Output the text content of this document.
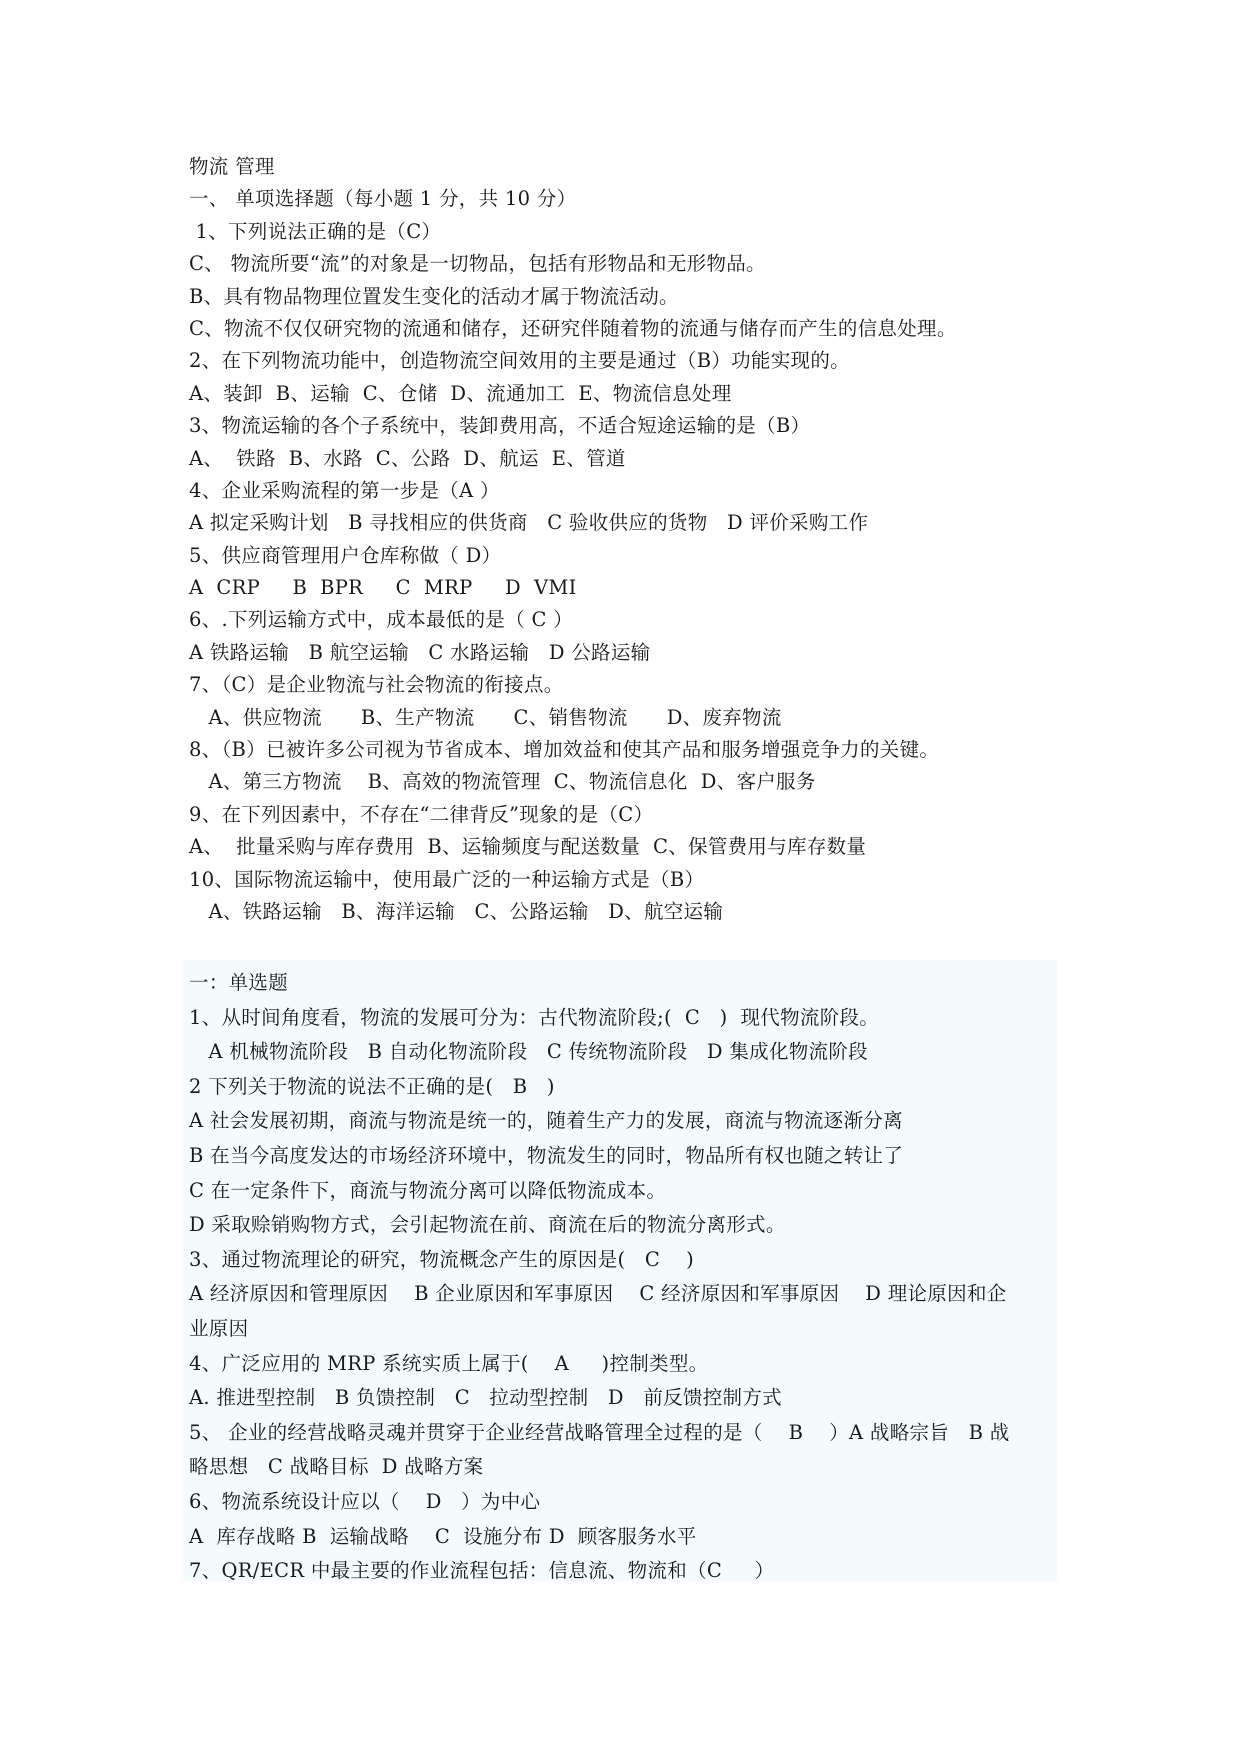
物流 管理
一、 单项选择题（每小题 1 分，共 10 分）
1、下列说法正确的是（C）
C、 物流所要“流”的对象是一切物品，包括有形物品和无形物品。
B、具有物品物理位置发生变化的活动才属于物流活动。
C、物流不仅仅研究物的流通和储存，还研究伴随着物的流通与储存而产生的信息处理。
2、在下列物流功能中，创造物流空间效用的主要是通过（B）功能实现的。
A、装卸  B、运输  C、仓储  D、流通加工  E、物流信息处理
3、物流运输的各个子系统中，装卸费用高，不适合短途运输的是（B）
A、  铁路  B、水路  C、公路  D、航运  E、管道
4、企业采购流程的第一步是（A ）
A 拟定采购计划   B 寻找相应的供货商   C 验收供应的货物   D 评价采购工作
5、供应商管理用户仓库称做（ D）
A  CRP     B  BPR     C  MRP     D  VMI
6、.下列运输方式中，成本最低的是（ C ）
A 铁路运输   B 航空运输   C 水路运输   D 公路运输
7、（C）是企业物流与社会物流的衔接点。
A、供应物流      B、生产物流      C、销售物流      D、废弃物流
8、（B）已被许多公司视为节省成本、增加效益和使其产品和服务增强竞争力的关键。
A、第三方物流    B、高效的物流管理  C、物流信息化  D、客户服务
9、在下列因素中，不存在“二律背反”现象的是（C）
A、  批量采购与库存费用  B、运输频度与配送数量  C、保管费用与库存数量
10、国际物流运输中，使用最广泛的一种运输方式是（B）
A、铁路运输   B、海洋运输   C、公路运输   D、航空运输
一：单选题
1、从时间角度看，物流的发展可分为：古代物流阶段;(  C   )  现代物流阶段。
A 机械物流阶段   B 自动化物流阶段   C 传统物流阶段   D 集成化物流阶段
2 下列关于物流的说法不正确的是(   B   )
A 社会发展初期，商流与物流是统一的，随着生产力的发展，商流与物流逐渐分离
B 在当今高度发达的市场经济环境中，物流发生的同时，物品所有权也随之转让了
C 在一定条件下，商流与物流分离可以降低物流成本。
D 采取赊销购物方式，会引起物流在前、商流在后的物流分离形式。
3、通过物流理论的研究，物流概念产生的原因是(   C    )
A 经济原因和管理原因    B 企业原因和军事原因    C 经济原因和军事原因    D 理论原因和企
业原因
4、广泛应用的 MRP 系统实质上属于(    A     )控制类型。
A. 推进型控制   B 负馈控制   C   拉动型控制   D   前反馈控制方式
5、 企业的经营战略灵魂并贯穿于企业经营战略管理全过程的是（    B    ）A 战略宗旨   B 战
略思想   C 战略目标  D 战略方案
6、物流系统设计应以（    D   ）为中心
A  库存战略 B  运输战略    C  设施分布 D  顾客服务水平
7、QR/ECR 中最主要的作业流程包括：信息流、物流和（C     ）
